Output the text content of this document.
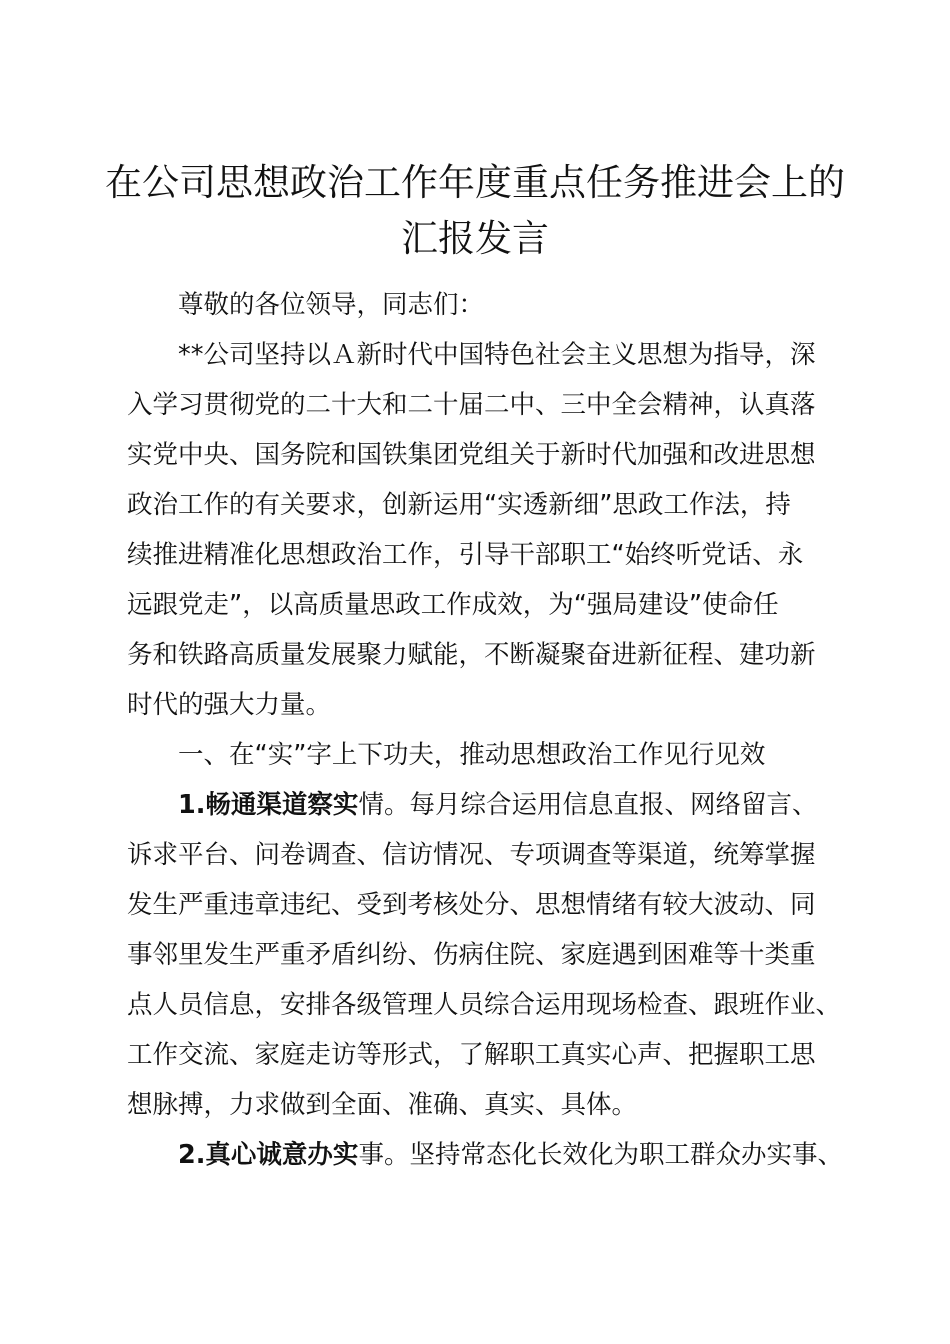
在公司思想政治工作年度重点任务推进会上的
汇报发言
尊敬的各位领导，同志们：
**公司坚持以Ａ新时代中国特色社会主义思想为指导，深
入学习贯彻党的二十大和二十届二中、三中全会精神，认真落
实党中央、国务院和国铁集团党组关于新时代加强和改进思想
政治工作的有关要求，创新运用“实透新细”思政工作法，持
续推进精准化思想政治工作，引导干部职工“始终听党话、永
远跟党走”，以高质量思政工作成效，为“强局建设”使命任
务和铁路高质量发展聚力赋能，不断凝聚奋进新征程、建功新
时代的强大力量。
一、在“实”字上下功夫，推动思想政治工作见行见效
1.畅通渠道察实情。每月综合运用信息直报、网络留言、
诉求平台、问卷调查、信访情况、专项调查等渠道，统筹掌握
发生严重违章违纪、受到考核处分、思想情绪有较大波动、同
事邻里发生严重矛盾纠纷、伤病住院、家庭遇到困难等十类重
点人员信息，安排各级管理人员综合运用现场检查、跟班作业、
工作交流、家庭走访等形式，了解职工真实心声、把握职工思
想脉搏，力求做到全面、准确、真实、具体。
2.真心诚意办实事。坚持常态化长效化为职工群众办实事、
